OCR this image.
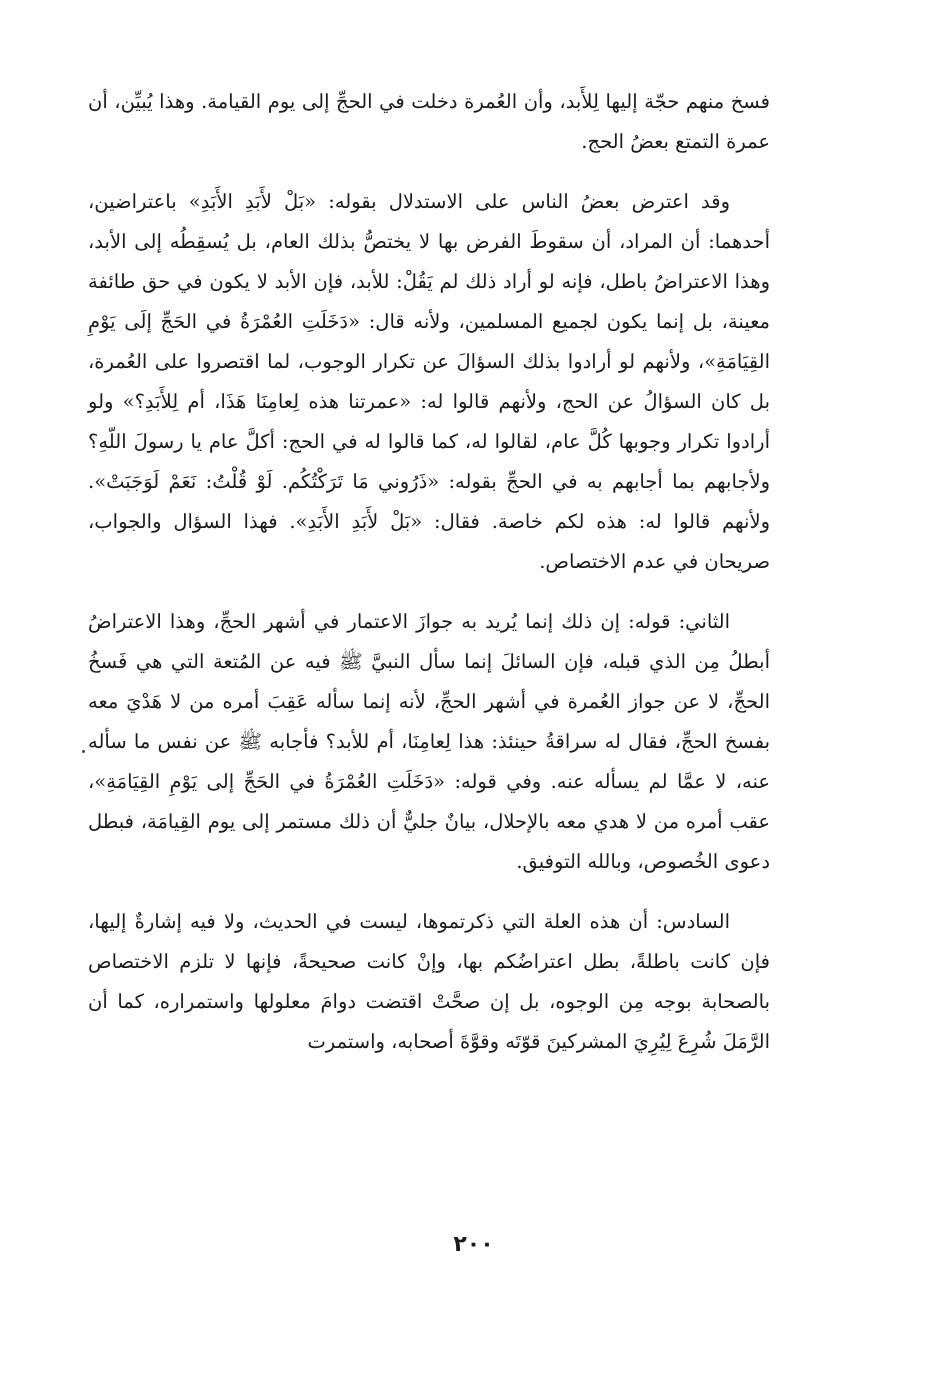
فسخ منهم حجّة إليها لِلأَبد، وأن العُمرة دخلت في الحجِّ إلى يوم القيامة. وهذا يُبيِّن، أن عمرة التمتع بعضُ الحج.

وقد اعترض بعضُ الناس على الاستدلال بقوله: «بَلْ لأَبَدِ الأَبَدِ» باعتراضين، أحدهما: أن المراد، أن سقوطَ الفرض بها لا يختصُّ بذلك العام، بل يُسقِطُه إلى الأبد، وهذا الاعتراضُ باطل، فإنه لو أراد ذلك لم يَقُلْ: للأبد، فإن الأبد لا يكون في حق طائفة معينة، بل إنما يكون لجميع المسلمين، ولأنه قال: «دَخَلَتِ العُمْرَةُ في الحَجِّ إلَى يَوْمِ القِيَامَةِ»، ولأنهم لو أرادوا بذلك السؤالَ عن تكرار الوجوب، لما اقتصروا على العُمرة، بل كان السؤالُ عن الحج، ولأنهم قالوا له: «عمرتنا هذه لِعامِنَا هَذَا، أم لِلأَبَدِ؟» ولو أرادوا تكرار وجوبها كُلَّ عام، لقالوا له، كما قالوا له في الحج: أكلَّ عام يا رسولَ اللّهِ؟ ولأجابهم بما أجابهم به في الحجِّ بقوله: «ذَرُوني مَا تَرَكْتُكُم. لَوْ قُلْتُ: نَعَمْ لَوَجَبَتْ». ولأنهم قالوا له: هذه لكم خاصة. فقال: «بَلْ لأَبَدِ الأَبَدِ». فهذا السؤال والجواب، صريحان في عدم الاختصاص.

الثاني: قوله: إن ذلك إنما يُريد به جوازَ الاعتمار في أشهر الحجِّ، وهذا الاعتراضُ أبطلُ مِن الذي قبله، فإن السائلَ إنما سأل النبيَّ ﷺ فيه عن المُتعة التي هي فَسخُ الحجِّ، لا عن جواز العُمرة في أشهر الحجِّ، لأنه إنما سأله عَقِبَ أمره من لا هَدْيَ معه بفسخ الحجِّ، فقال له سراقةُ حينئذ: هذا لِعامِنَا، أم للأبد؟ فأجابه ﷺ عن نفس ما سأله عنه، لا عمَّا لم يسأله عنه. وفي قوله: «دَخَلَتِ العُمْرَةُ في الحَجِّ إلى يَوْمِ القِيَامَةِ»، عقب أمره من لا هدي معه بالإحلال، بيانٌ جليٌّ أن ذلك مستمر إلى يوم القِيامَة، فبطل دعوى الخُصوص، وبالله التوفيق.

السادس: أن هذه العلة التي ذكرتموها، ليست في الحديث، ولا فيه إشارةٌ إليها، فإن كانت باطلةً، بطل اعتراضُكم بها، وإنْ كانت صحيحةً، فإنها لا تلزم الاختصاص بالصحابة بوجه مِن الوجوه، بل إن صحَّتْ اقتضت دوامَ معلولها واستمراره، كما أن الرَّمَلَ شُرِعَ لِيُرِيَ المشركينَ قوّتَه وقوَّةَ أصحابه، واستمرت

٢٠٠
